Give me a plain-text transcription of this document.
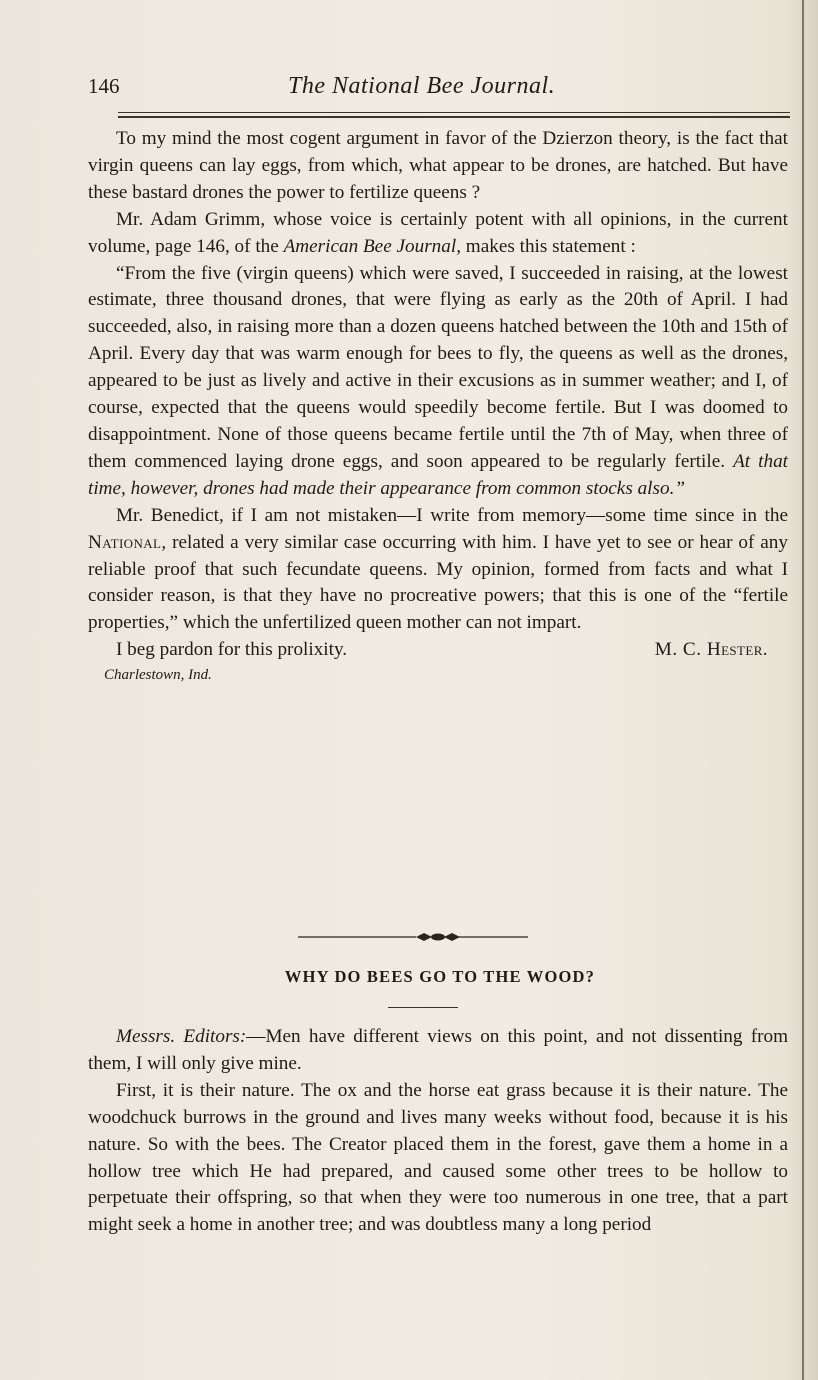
146	The National Bee Journal.

To my mind the most cogent argument in favor of the Dzierzon theory, is the fact that virgin queens can lay eggs, from which, what appear to be drones, are hatched. But have these bastard drones the power to fertilize queens ?

Mr. Adam Grimm, whose voice is certainly potent with all opinions, in the current volume, page 146, of the American Bee Journal, makes this statement :

“From the five (virgin queens) which were saved, I succeeded in raising, at the lowest estimate, three thousand drones, that were flying as early as the 20th of April. I had succeeded, also, in raising more than a dozen queens hatched between the 10th and 15th of April. Every day that was warm enough for bees to fly, the queens as well as the drones, appeared to be just as lively and active in their excusions as in summer weather; and I, of course, expected that the queens would speedily become fertile. But I was doomed to disappointment. None of those queens became fertile until the 7th of May, when three of them commenced laying drone eggs, and soon appeared to be regularly fertile. At that time, however, drones had made their appearance from common stocks also.”

Mr. Benedict, if I am not mistaken—I write from memory—some time since in the National, related a very similar case occurring with him. I have yet to see or hear of any reliable proof that such fecundate queens. My opinion, formed from facts and what I consider reason, is that they have no procreative powers; that this is one of the “fertile properties,” which the unfertilized queen mother can not impart.

I beg pardon for this prolixity.	M. C. Hester.
Charlestown, Ind.
WHY DO BEES GO TO THE WOOD?

Messrs. Editors:—Men have different views on this point, and not dissenting from them, I will only give mine.

First, it is their nature. The ox and the horse eat grass because it is their nature. The woodchuck burrows in the ground and lives many weeks without food, because it is his nature. So with the bees. The Creator placed them in the forest, gave them a home in a hollow tree which He had prepared, and caused some other trees to be hollow to perpetuate their offspring, so that when they were too numerous in one tree, that a part might seek a home in another tree; and was doubtless many a long period
